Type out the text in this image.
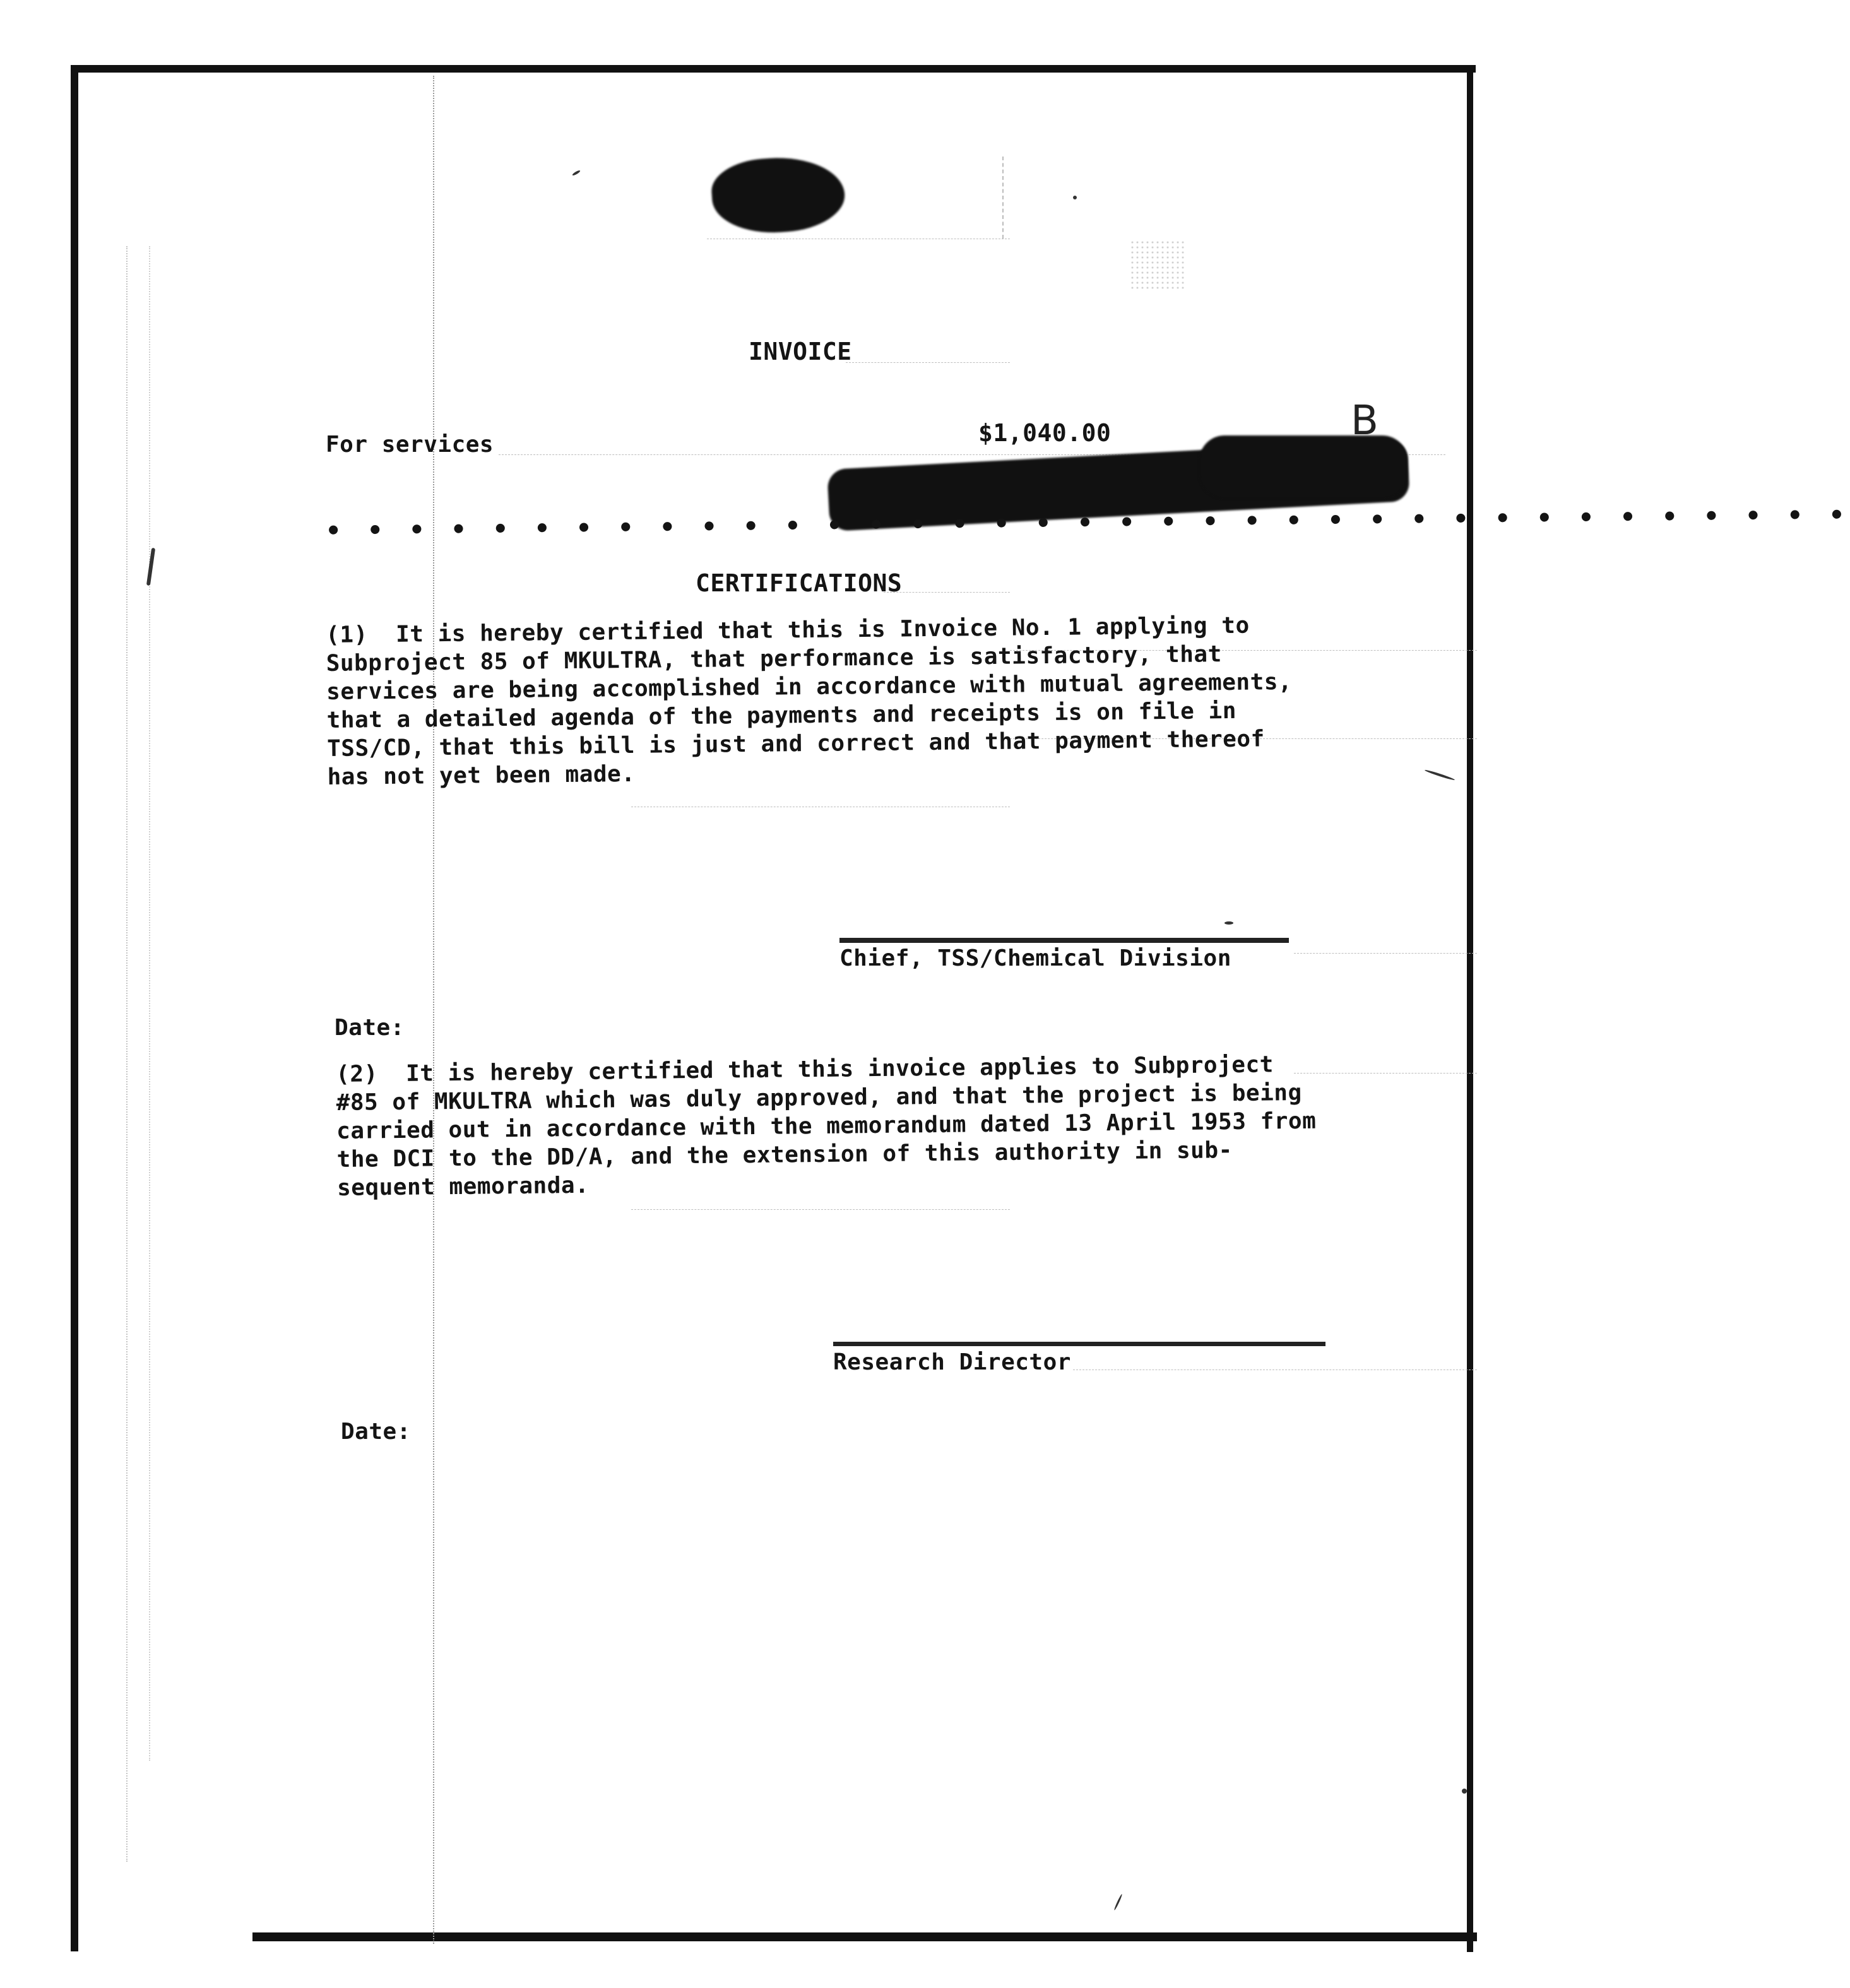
INVOICE
For services	$1,040.00	B
• • • • • • • • • • • • • • • • • • • • • • • • • • • • • • • • • • • • •
CERTIFICATIONS
(1)  It is hereby certified that this is Invoice No. 1 applying to
Subproject 85 of MKULTRA, that performance is satisfactory, that
services are being accomplished in accordance with mutual agreements,
that a detailed agenda of the payments and receipts is on file in
TSS/CD, that this bill is just and correct and that payment thereof
has not yet been made.
Chief, TSS/Chemical Division
Date:
(2)  It is hereby certified that this invoice applies to Subproject
#85 of MKULTRA which was duly approved, and that the project is being
carried out in accordance with the memorandum dated 13 April 1953 from
the DCI to the DD/A, and the extension of this authority in sub-
sequent memoranda.
Research Director
Date:
